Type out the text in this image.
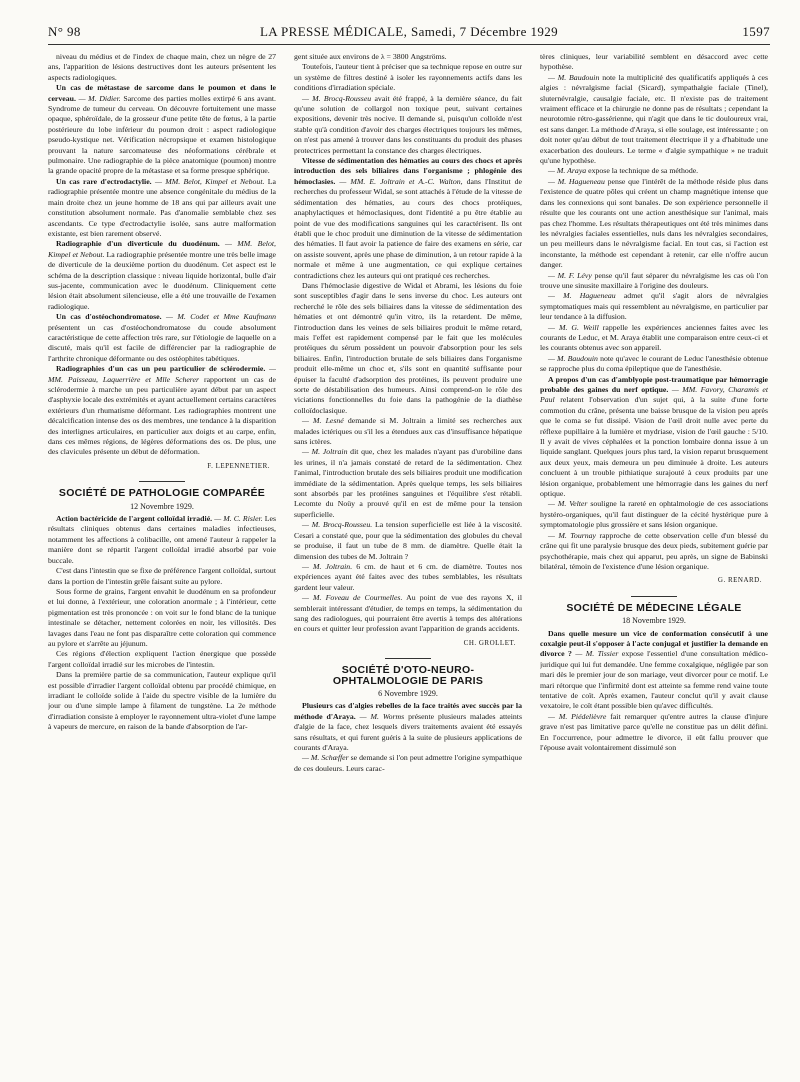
N° 98	LA PRESSE MÉDICALE, Samedi, 7 Décembre 1929	1597

niveau du médius et de l'index de chaque main, chez un nègre de 27 ans, l'apparition de lésions destructives dont les auteurs présentent les aspects radiologiques.

Un cas de métastase de sarcome dans le poumon et dans le cerveau. — M. Didier. Sarcome des parties molles extirpé 6 ans avant. Syndrome de tumeur du cerveau. On découvre fortuitement une masse opaque, sphéroïdale, de la grosseur d'une petite tête de fœtus, à la partie postérieure du lobe inférieur du poumon droit : aspect radiologique pseudo-kystique net. Vérification nécropsique et examen histologique prouvant la nature sarcomateuse des néoformations cérébrale et pulmonaire. Une radiographie de la pièce anatomique (poumon) montre la grande opacité propre de la métastase et sa forme presque sphérique.

Un cas rare d'ectrodactylie. — MM. Belot, Kimpel et Nebout. La radiographie présentée montre une absence congénitale du médius de la main droite chez un jeune homme de 18 ans qui par ailleurs avait une constitution absolument normale. Pas d'anomalie semblable chez ses ascendants. Ce type d'ectrodactylie isolée, sans autre malformation existante, est bien rarement observé.

Radiographie d'un diverticule du duodénum. — MM. Belot, Kimpel et Nebout. La radiographie présentée montre une très belle image de diverticule de la deuxième portion du duodénum. Cet aspect est le schéma de la description classique : niveau liquide horizontal, bulle d'air sus-jacente, communication avec le duodénum. Cliniquement cette lésion était absolument silencieuse, elle a été une trouvaille de l'examen radiologique.

Un cas d'ostéochondromatose. — M. Codet et Mme Kaufmann présentent un cas d'ostéochondromatose du coude absolument caractéristique de cette affection très rare, sur l'étiologie de laquelle on a discuté, mais qu'il est facile de différencier par la radiographie de l'arthrite chronique déformante ou des ostéophites tabétiques.

Radiographies d'un cas un peu particulier de sclérodermie. — MM. Paisseau, Laquerrière et Mlle Scherer rapportent un cas de sclérodermie à marche un peu particulière ayant début par un aspect d'asphyxie locale des extrémités et ayant actuellement certains caractères extérieurs d'un rhumatisme déformant. Les radiographies montrent une décalcification intense des os des membres, une tendance à la disparition des interlignes articulaires, en particulier aux doigts et au carpe, enfin, dans ces mêmes régions, de légères déformations des os. De plus, une des clavicules présente un début de déformation.

F. LEPENNETIER.
SOCIÉTÉ DE PATHOLOGIE COMPARÉE
12 Novembre 1929.

Action bactéricide de l'argent colloïdal irradié. — M. C. Risler. Les résultats cliniques obtenus dans certaines maladies infectieuses, notamment les affections à colibacille, ont amené l'auteur à rappeler la manière dont se répartit l'argent colloïdal irradié absorbé par voie buccale.

C'est dans l'intestin que se fixe de préférence l'argent colloïdal, surtout dans la portion de l'intestin grêle faisant suite au pylore.

Sous forme de grains, l'argent envahit le duodénum en sa profondeur et lui donne, à l'extérieur, une coloration anormale ; à l'intérieur, cette pigmentation est très prononcée : on voit sur le fond blanc de la tunique intestinale se détacher, nettement colorées en noir, les villosités. Des lavages dans l'eau ne font pas disparaître cette coloration qui commence au pylore et s'arrête au jéjunum.

Ces régions d'élection expliquent l'action énergique que possède l'argent colloïdal irradié sur les microbes de l'intestin.

Dans la première partie de sa communication, l'auteur explique qu'il est possible d'irradier l'argent colloïdal obtenu par procédé chimique, en irradiant le colloïde solide à l'aide du spectre visible de la lumière du jour ou d'une simple lampe à filament de tungstène. La 2e méthode d'irradiation consiste à employer le rayonnement ultra-violet d'une lampe à vapeurs de mercure, en raison de la bande d'absorption de l'ar-

gent située aux environs de λ = 3800 Angströms.

Toutefois, l'auteur tient à préciser que sa technique repose en outre sur un système de filtres destiné à isoler les rayonnements actifs dans les conditions d'irradiation spéciale.

— M. Brocq-Rousseu avait été frappé, à la dernière séance, du fait qu'une solution de collargol non toxique peut, suivant certaines expositions, devenir très nocive. Il demande si, puisqu'un colloïde n'est stable qu'à condition d'avoir des charges électriques toujours les mêmes, on n'est pas amené à trouver dans les constituants du produit des phases protectrices permettant la constance des charges électriques.

Vitesse de sédimentation des hématies au cours des chocs et après introduction des sels biliaires dans l'organisme ; phlogénie des hémoclasies. — MM. E. Joltrain et A.-C. Walton, dans l'Institut de recherches du professeur Widal, se sont attachés à l'étude de la vitesse de sédimentation des hématies, au cours des chocs protéiques, anaphylactiques et hémoclasiques, dont l'identité a pu être établie au point de vue des modifications sanguines qui les caractérisent. Ils ont établi que le choc produit une diminution de la vitesse de sédimentation des hématies. Il faut avoir la patience de faire des examens en série, car on assiste souvent, après une phase de diminution, à un retour rapide à la normale et même à une augmentation, ce qui explique certaines contradictions chez les auteurs qui ont pratiqué ces recherches.

Dans l'hémoclasie digestive de Widal et Abrami, les lésions du foie sont susceptibles d'agir dans le sens inverse du choc. Les auteurs ont recherché le rôle des sels biliaires dans la vitesse de sédimentation des hématies et ont démontré qu'in vitro, ils la retardent. De même, l'introduction dans les veines de sels biliaires produit le même retard, mais l'effet est rapidement compensé par le fait que les molécules protéiques du sérum possèdent un pouvoir d'absorption pour les sels biliaires. Enfin, l'introduction brutale de sels biliaires dans l'organisme produit elle-même un choc et, s'ils sont en quantité suffisante pour épuiser la faculté d'adsorption des protéines, ils peuvent produire une sorte de déstabilisation des humeurs. Ainsi comprend-on le rôle des viciations fonctionnelles du foie dans la pathogénie de la diathèse colloïdoclasique.

— M. Lesné demande si M. Joltrain a limité ses recherches aux malades ictériques ou s'il les a étendues aux cas d'insuffisance hépatique sans ictères.

— M. Joltrain dit que, chez les malades n'ayant pas d'urobiline dans les urines, il n'a jamais constaté de retard de la sédimentation. Chez l'animal, l'introduction brutale des sels biliaires produit une modification immédiate de la sédimentation. Après quelque temps, les sels biliaires sont absorbés par les protéines sanguines et l'équilibre s'est rétabli. Lecomte du Noüy a prouvé qu'il en est de même pour la tension superficielle.

— M. Brocq-Rousseu. La tension superficielle est liée à la viscosité. Cesari a constaté que, pour que la sédimentation des globules du cheval se produise, il faut un tube de 8 mm. de diamètre. Quelle était la dimension des tubes de M. Joltrain ?

— M. Joltrain. 6 cm. de haut et 6 cm. de diamètre. Toutes nos expériences ayant été faites avec des tubes semblables, les résultats gardent leur valeur.

— M. Foveau de Courmelles. Au point de vue des rayons X, il semblerait intéressant d'étudier, de temps en temps, la sédimentation du sang des radiologues, qui pourraient être avertis à temps des altérations en cours et quitter leur profession avant l'apparition de grands accidents.

CH. GROLLET.
SOCIÉTÉ D'OTO-NEURO-OPHTALMOLOGIE DE PARIS
6 Novembre 1929.

Plusieurs cas d'algies rebelles de la face traités avec succès par la méthode d'Araya. — M. Worms présente plusieurs malades atteints d'algie de la face, chez lesquels divers traitements avaient été essayés sans résultats, et qui furent guéris à la suite de plusieurs applications de courants d'Araya.

— M. Schæffer se demande si l'on peut admettre l'origine sympathique de ces douleurs. Leurs carac-

tères cliniques, leur variabilité semblent en désaccord avec cette hypothèse.

— M. Baudouin note la multiplicité des qualificatifs appliqués à ces algies : névralgisme facial (Sicard), sympathalgie faciale (Tinel), sluternévralgie, causalgie faciale, etc. Il n'existe pas de traitement vraiment efficace et la chirurgie ne donne pas de résultats ; cependant la neurotomie rétro-gassérienne, qui n'agit que dans le tic douloureux vrai, est sans danger. La méthode d'Araya, si elle soulage, est intéressante ; on doit noter qu'au début de tout traitement électrique il y a d'habitude une exacerbation des douleurs. Le terme « d'algie sympathique » ne traduit qu'une hypothèse.

— M. Araya expose la technique de sa méthode.

— M. Hagueneau pense que l'intérêt de la méthode réside plus dans l'existence de quatre pôles qui créent un champ magnétique intense que dans les connexions qui sont banales. De son expérience personnelle il résulte que les courants ont une action anesthésique sur l'animal, mais pas chez l'homme. Les résultats thérapeutiques ont été très minimes dans les névralgies faciales essentielles, nuls dans les névralgies secondaires, un peu meilleurs dans le névralgisme facial. En tout cas, si l'action est inconstante, la méthode est cependant à retenir, car elle n'offre aucun danger.

— M. F. Lévy pense qu'il faut séparer du névralgisme les cas où l'on trouve une sinusite maxillaire à l'origine des douleurs.

— M. Hagueneau admet qu'il s'agit alors de névralgies symptomatiques mais qui ressemblent au névralgisme, en particulier par leur tendance à la diffusion.

— M. G. Weill rappelle les expériences anciennes faites avec les courants de Leduc, et M. Araya établit une comparaison entre ceux-ci et les courants obtenus avec son appareil.

— M. Baudouin note qu'avec le courant de Leduc l'anesthésie obtenue se rapproche plus du coma épileptique que de l'anesthésie.

A propos d'un cas d'amblyopie post-traumatique par hémorragie probable des gaines du nerf optique. — MM. Favory, Charamis et Paul relatent l'observation d'un sujet qui, à la suite d'une forte commotion du crâne, présenta une baisse brusque de la vision peu après que le coma se fut dissipé. Vision de l'œil droit nulle avec perte du réflexe pupillaire à la lumière et mydriase, vision de l'œil gauche : 5/10. Il y avait de vives céphalées et la ponction lombaire donna issue à un liquide sanglant. Quelques jours plus tard, la vision reparut brusquement aux deux yeux, mais demeura un peu diminuée à droite. Les auteurs concluent à un trouble pithiatique surajouté à ceux produits par une lésion organique, probablement une hémorragie dans les gaines du nerf optique.

— M. Velter souligne la rareté en ophtalmologie de ces associations hystéro-organiques, qu'il faut distinguer de la cécité hystérique pure à symptomatologie plus grossière et sans lésion organique.

— M. Tournay rapproche de cette observation celle d'un blessé du crâne qui fit une paralysie brusque des deux pieds, subitement guérie par psychothérapie, mais chez qui apparut, peu après, un signe de Babinski bilatéral, témoin de l'existence d'une lésion organique.

G. RENARD.
SOCIÉTÉ DE MÉDECINE LÉGALE
18 Novembre 1929.

Dans quelle mesure un vice de conformation consécutif à une coxalgie peut-il s'opposer à l'acte conjugal et justifier la demande en divorce ? — M. Tissier expose l'essentiel d'une consultation médico-juridique qui lui fut demandée. Une femme coxalgique, négligée par son mari dès le premier jour de son mariage, veut divorcer pour ce motif. Le mari rétorque que l'infirmité dont est atteinte sa femme rend vaine toute tentative de coït. Après examen, l'auteur conclut qu'il y avait clause vexatoire, le coït étant possible bien qu'avec difficultés.

— M. Piédelièvre fait remarquer qu'entre autres la clause d'injure grave n'est pas limitative parce qu'elle ne constitue pas un délit défini. En l'occurrence, pour admettre le divorce, il eût fallu prouver que l'épouse avait volontairement dissimulé son
